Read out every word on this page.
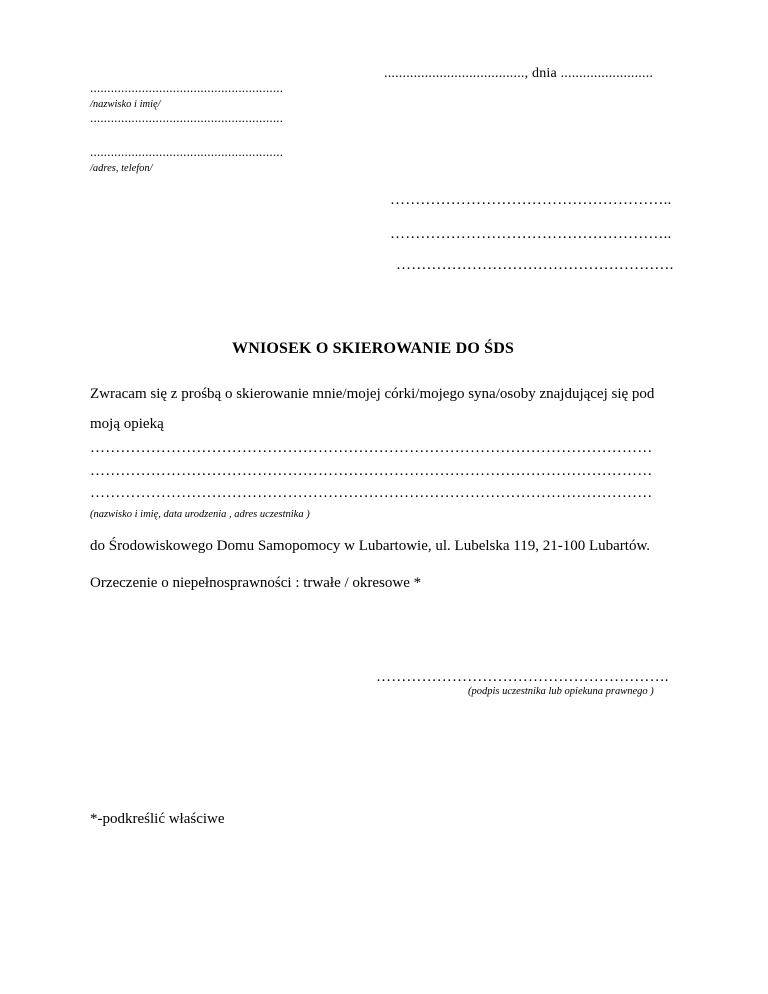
......................................, dnia .........................
........................................................
/nazwisko i imię/
........................................................
........................................................
/adres, telefon/
………………………………………………..
………………………………………………..
……………………………………………….
WNIOSEK O SKIEROWANIE DO ŚDS
Zwracam się z prośbą o skierowanie mnie/mojej córki/mojego syna/osoby znajdującej się pod
moją opieką
…………………………………………………………………………………………………
…………………………………………………………………………………………………
…………………………………………………………………………………………………
(nazwisko i imię, data urodzenia , adres uczestnika )
do Środowiskowego Domu Samopomocy w Lubartowie, ul. Lubelska 119, 21-100 Lubartów.
Orzeczenie o niepełnosprawności : trwałe / okresowe *
………………………………………………….
(podpis uczestnika lub opiekuna prawnego )
*-podkreślić właściwe
